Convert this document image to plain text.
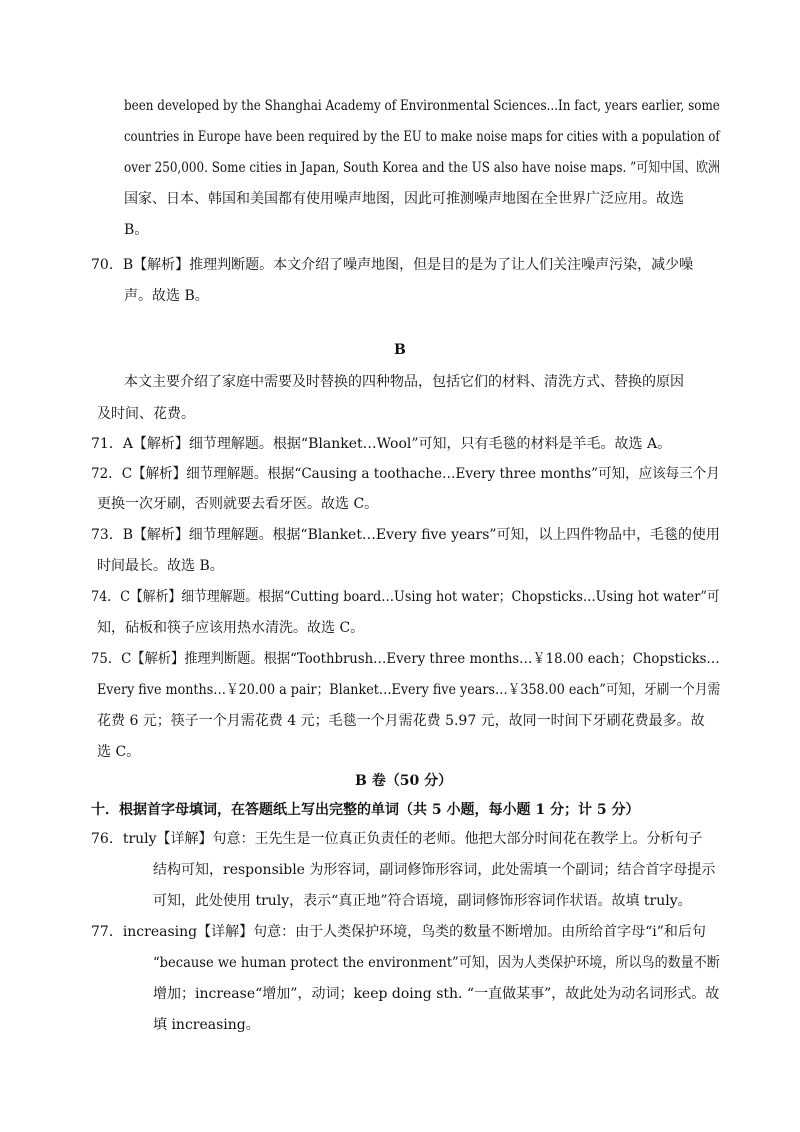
been developed by the Shanghai Academy of Environmental Sciences...In fact, years earlier, some
countries in Europe have been required by the EU to make noise maps for cities with a population of
over 250,000. Some cities in Japan, South Korea and the US also have noise maps. ”可知中国、欧洲
国家、日本、韩国和美国都有使用噪声地图，因此可推测噪声地图在全世界广泛应用。故选
B。
70．B【解析】推理判断题。本文介绍了噪声地图，但是目的是为了让人们关注噪声污染，减少噪
声。故选 B。
B
本文主要介绍了家庭中需要及时替换的四种物品，包括它们的材料、清洗方式、替换的原因
及时间、花费。
71．A【解析】细节理解题。根据“Blanket…Wool”可知，只有毛毯的材料是羊毛。故选 A。
72．C【解析】细节理解题。根据“Causing a toothache…Every three months”可知，应该每三个月
更换一次牙刷，否则就要去看牙医。故选 C。
73．B【解析】细节理解题。根据“Blanket…Every five years”可知，以上四件物品中，毛毯的使用
时间最长。故选 B。
74．C【解析】细节理解题。根据“Cutting board…Using hot water；Chopsticks…Using hot water”可
知，砧板和筷子应该用热水清洗。故选 C。
75．C【解析】推理判断题。根据“Toothbrush…Every three months…￥18.00 each；Chopsticks…
Every five months…￥20.00 a pair；Blanket…Every five years…￥358.00 each”可知，牙刷一个月需
花费 6 元；筷子一个月需花费 4 元；毛毯一个月需花费 5.97 元，故同一时间下牙刷花费最多。故
选 C。
B 卷（50 分）
十．根据首字母填词，在答题纸上写出完整的单词（共 5 小题，每小题 1 分；计 5 分）
76．truly【详解】句意：王先生是一位真正负责任的老师。他把大部分时间花在教学上。分析句子
结构可知，responsible 为形容词，副词修饰形容词，此处需填一个副词；结合首字母提示
可知，此处使用 truly，表示“真正地”符合语境，副词修饰形容词作状语。故填 truly。
77．increasing【详解】句意：由于人类保护环境，鸟类的数量不断增加。由所给首字母“i”和后句
“because we human protect the environment”可知，因为人类保护环境，所以鸟的数量不断
增加；increase“增加”，动词；keep doing sth. “一直做某事”，故此处为动名词形式。故
填 increasing。
